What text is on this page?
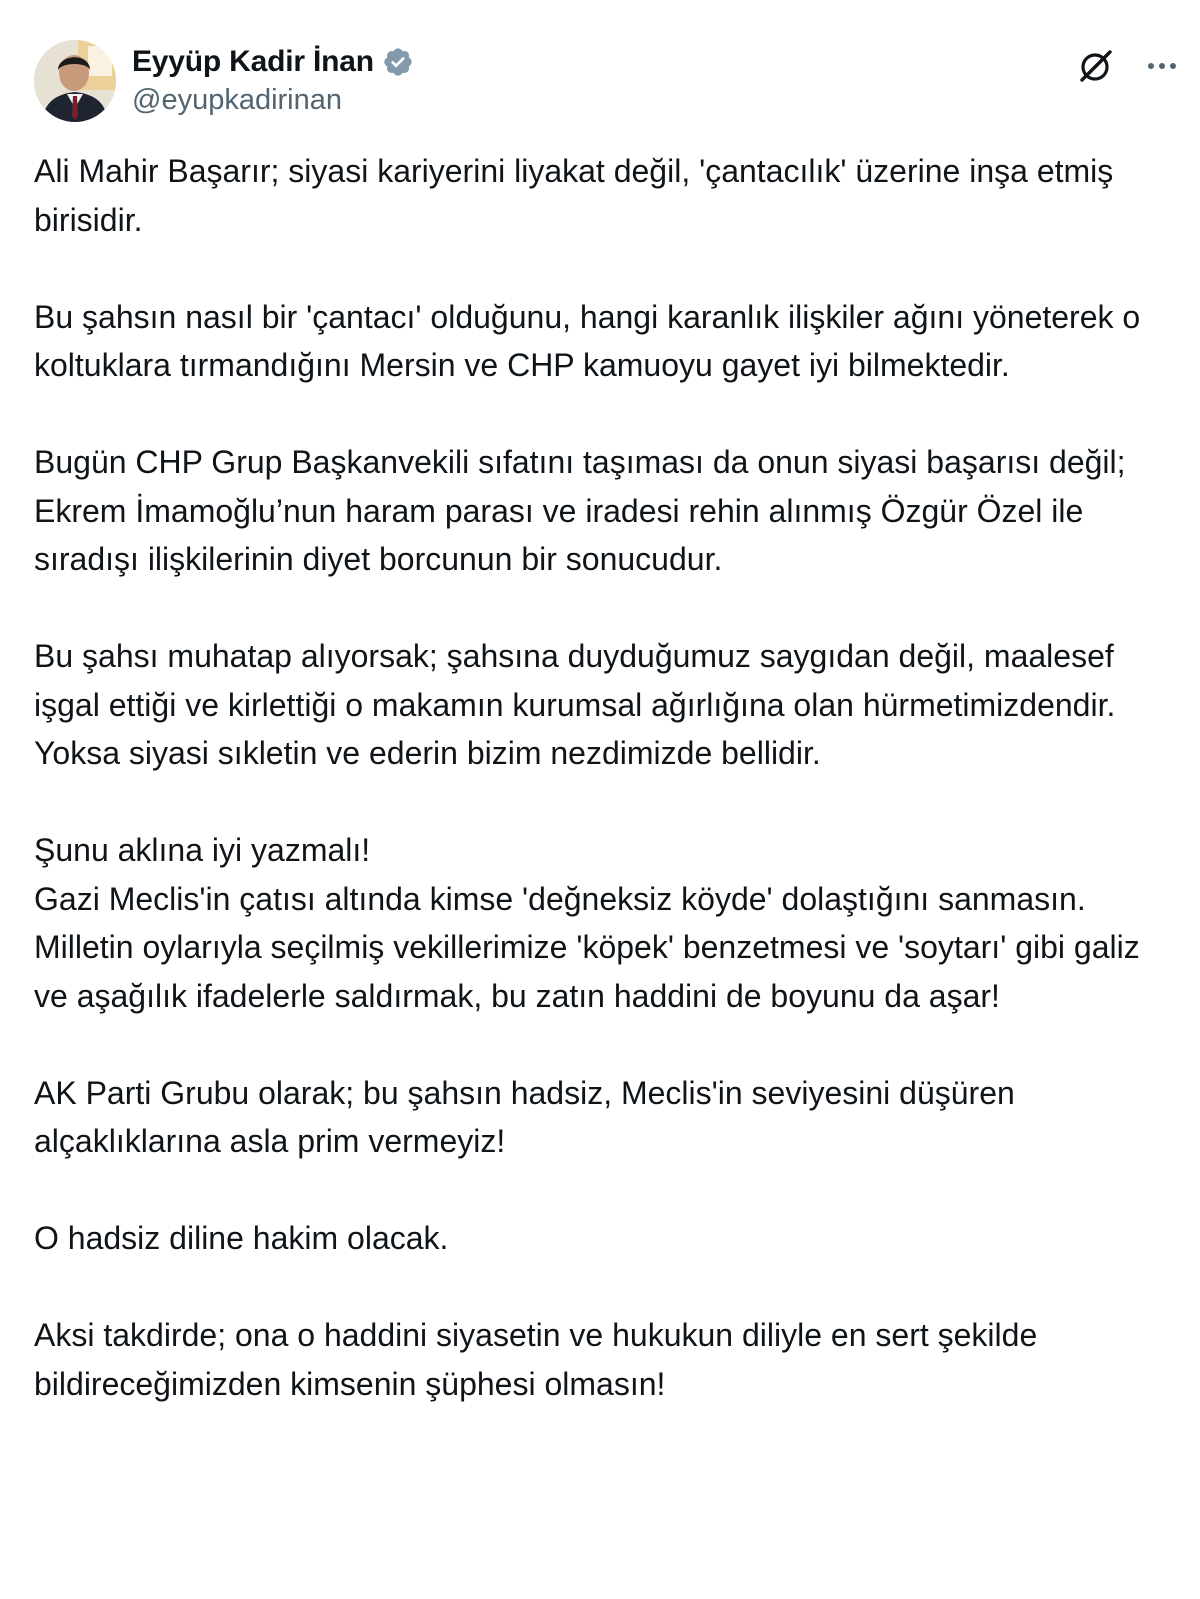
Eyyüp Kadir İnan
@eyupkadirinan

Ali Mahir Başarır; siyasi kariyerini liyakat değil, 'çantacılık' üzerine inşa etmiş birisidir.

Bu şahsın nasıl bir 'çantacı' olduğunu, hangi karanlık ilişkiler ağını yöneterek o koltuklara tırmandığını Mersin ve CHP kamuoyu gayet iyi bilmektedir.

Bugün CHP Grup Başkanvekili sıfatını taşıması da onun siyasi başarısı değil; Ekrem İmamoğlu’nun haram parası ve iradesi rehin alınmış Özgür Özel ile sıradışı ilişkilerinin diyet borcunun bir sonucudur.

Bu şahsı muhatap alıyorsak; şahsına duyduğumuz saygıdan değil, maalesef işgal ettiği ve kirlettiği o makamın kurumsal ağırlığına olan hürmetimizdendir. Yoksa siyasi sıkletin ve ederin bizim nezdimizde bellidir.

Şunu aklına iyi yazmalı!
Gazi Meclis'in çatısı altında kimse 'değneksiz köyde' dolaştığını sanmasın. Milletin oylarıyla seçilmiş vekillerimize 'köpek' benzetmesi ve 'soytarı' gibi galiz ve aşağılık ifadelerle saldırmak, bu zatın haddini de boyunu da aşar!

AK Parti Grubu olarak; bu şahsın hadsiz, Meclis'in seviyesini düşüren alçaklıklarına asla prim vermeyiz!

O hadsiz diline hakim olacak.

Aksi takdirde; ona o haddini siyasetin ve hukukun diliyle en sert şekilde bildireceğimizden kimsenin şüphesi olmasın!
